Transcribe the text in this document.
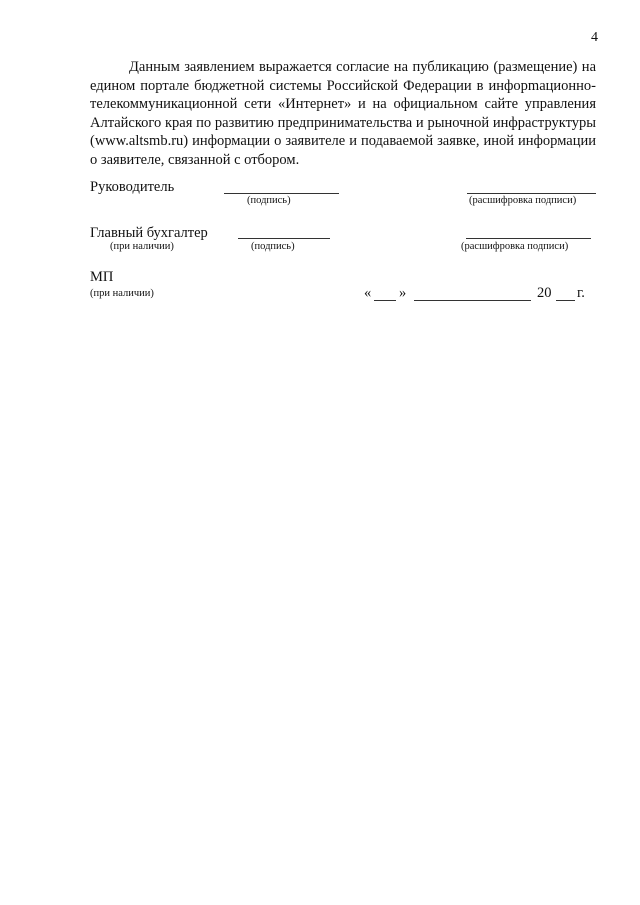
4
Данным заявлением выражается согласие на публикацию (размещение) на едином портале бюджетной системы Российской Федерации в инфорmационно-телекоммуникационной сети «Интернет» и на официальном сайте управления Алтайского края по развитию предпринимательства и рыночной инфраструктуры (www.altsmb.ru) информации о заявителе и подаваемой заявке, иной информации о заявителе, связанной с отбором.
Руководитель
(подпись)	(расшифровка подписи)
Главный бухгалтер
(при наличии)	(подпись)	(расшифровка подписи)
МП
(при наличии)	« »	20 г.
